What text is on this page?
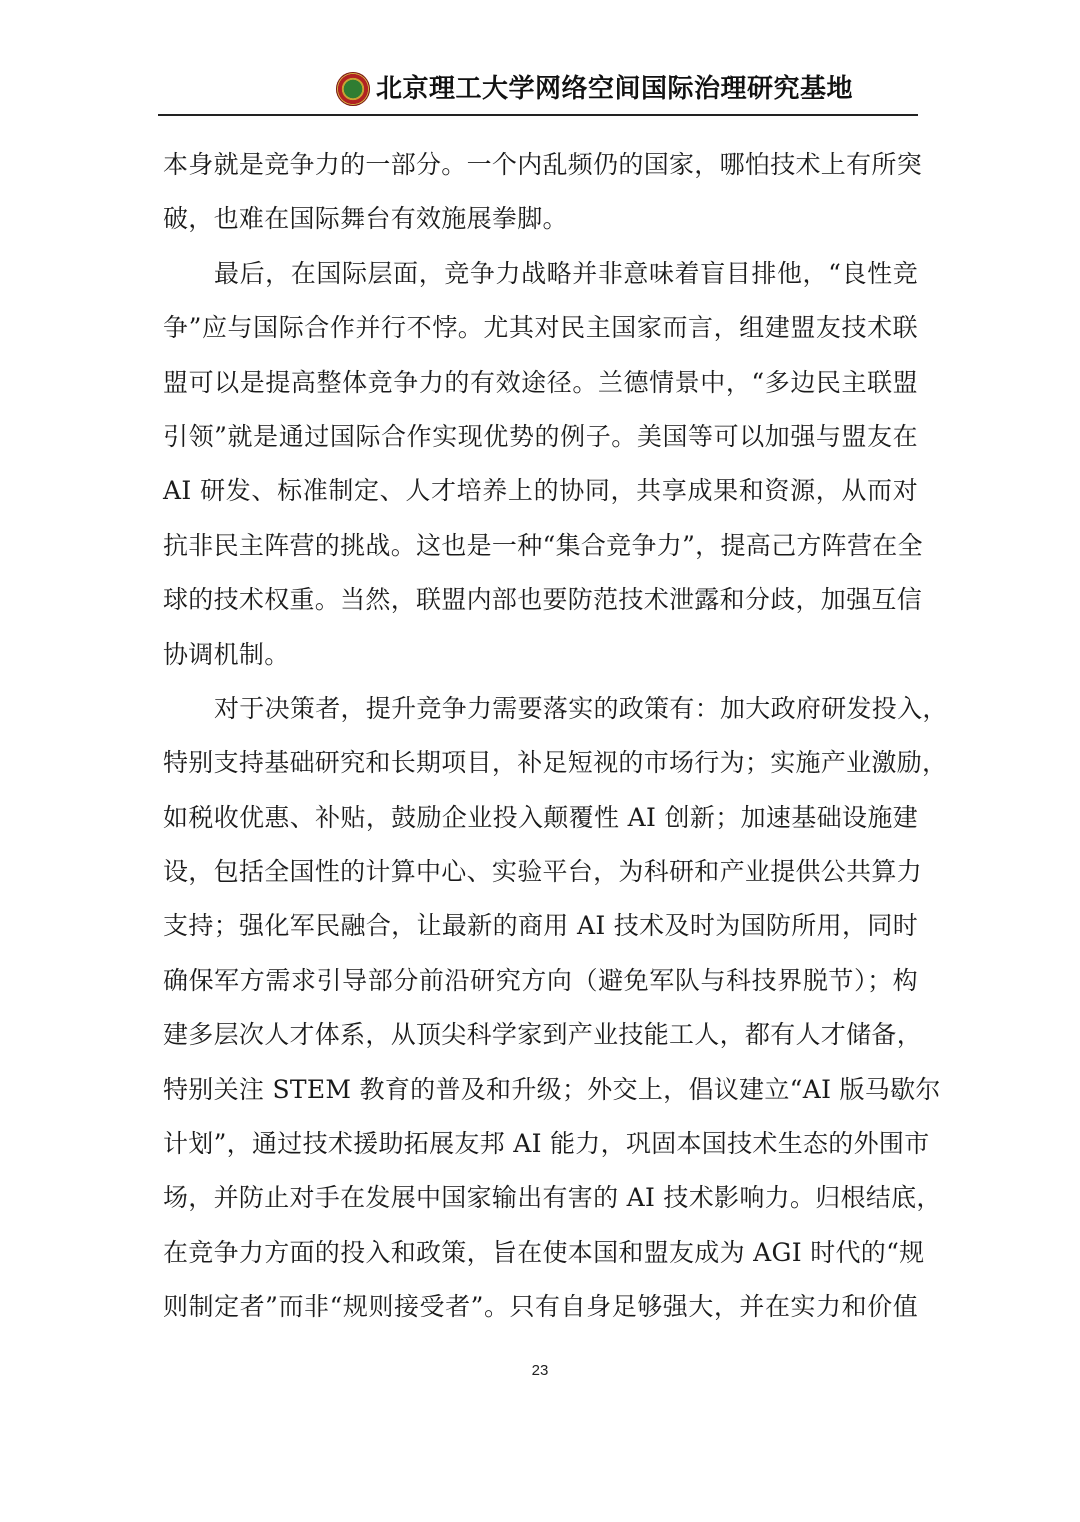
北京理工大学网络空间国际治理研究基地
本身就是竞争力的一部分。一个内乱频仍的国家，哪怕技术上有所突
破，也难在国际舞台有效施展拳脚。
最后，在国际层面，竞争力战略并非意味着盲目排他，“良性竞
争”应与国际合作并行不悖。尤其对民主国家而言，组建盟友技术联
盟可以是提高整体竞争力的有效途径。兰德情景中，“多边民主联盟
引领”就是通过国际合作实现优势的例子。美国等可以加强与盟友在
AI 研发、标准制定、人才培养上的协同，共享成果和资源，从而对
抗非民主阵营的挑战。这也是一种“集合竞争力”，提高己方阵营在全
球的技术权重。当然，联盟内部也要防范技术泄露和分歧，加强互信
协调机制。
对于决策者，提升竞争力需要落实的政策有：加大政府研发投入，
特别支持基础研究和长期项目，补足短视的市场行为；实施产业激励，
如税收优惠、补贴，鼓励企业投入颠覆性 AI 创新；加速基础设施建
设，包括全国性的计算中心、实验平台，为科研和产业提供公共算力
支持；强化军民融合，让最新的商用 AI 技术及时为国防所用，同时
确保军方需求引导部分前沿研究方向（避免军队与科技界脱节）；构
建多层次人才体系，从顶尖科学家到产业技能工人，都有人才储备，
特别关注 STEM 教育的普及和升级；外交上，倡议建立“AI 版马歇尔
计划”，通过技术援助拓展友邦 AI 能力，巩固本国技术生态的外围市
场，并防止对手在发展中国家输出有害的 AI 技术影响力。归根结底，
在竞争力方面的投入和政策，旨在使本国和盟友成为 AGI 时代的“规
则制定者”而非“规则接受者”。只有自身足够强大，并在实力和价值
23
